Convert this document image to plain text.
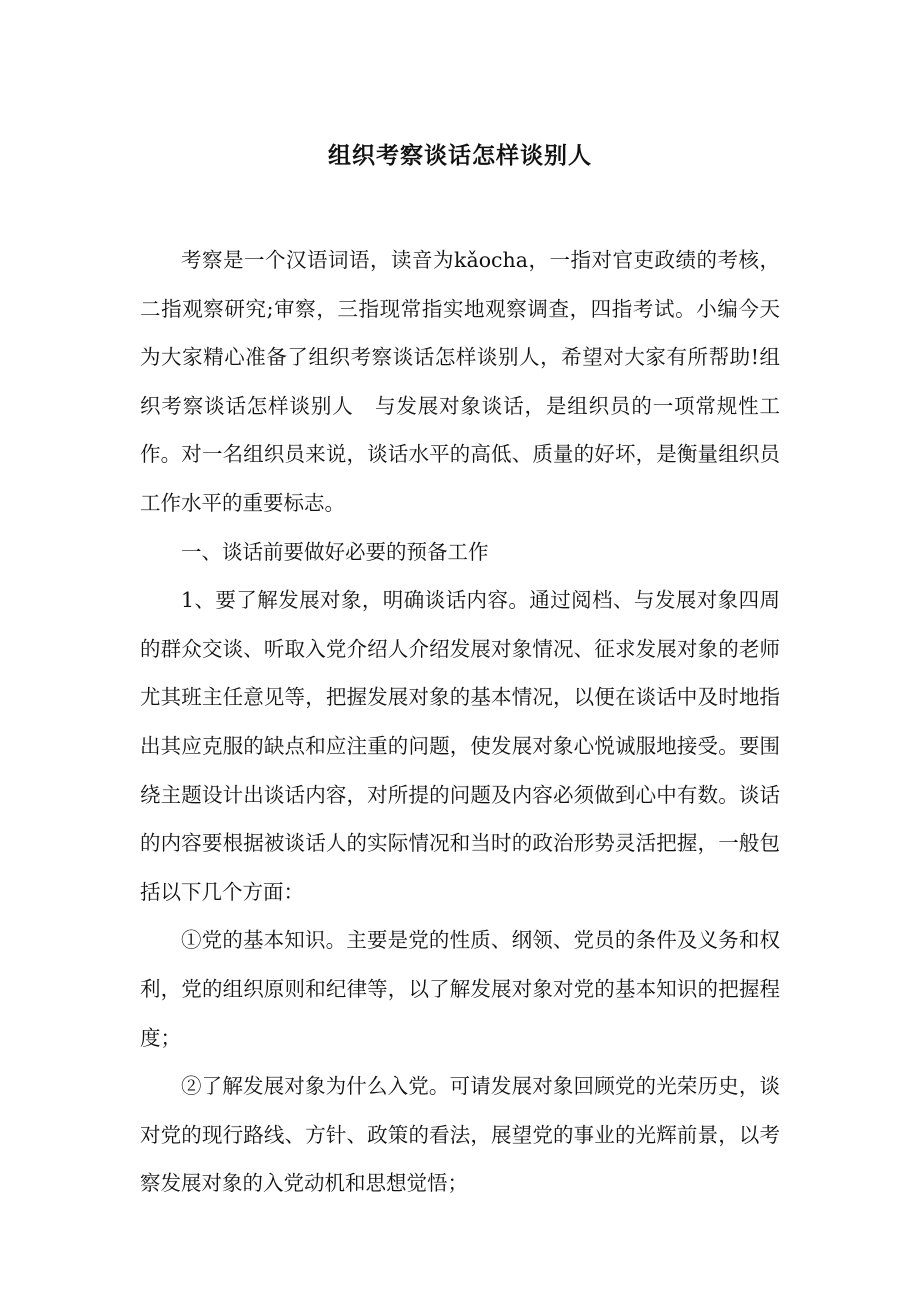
组织考察谈话怎样谈别人

考察是一个汉语词语，读音为kǎocha，一指对官吏政绩的考核，二指观察研究;审察，三指现常指实地观察调查，四指考试。小编今天为大家精心准备了组织考察谈话怎样谈别人，希望对大家有所帮助!组织考察谈话怎样谈别人　与发展对象谈话，是组织员的一项常规性工作。对一名组织员来说，谈话水平的高低、质量的好坏，是衡量组织员工作水平的重要标志。

一、谈话前要做好必要的预备工作

1、要了解发展对象，明确谈话内容。通过阅档、与发展对象四周的群众交谈、听取入党介绍人介绍发展对象情况、征求发展对象的老师尤其班主任意见等，把握发展对象的基本情况，以便在谈话中及时地指出其应克服的缺点和应注重的问题，使发展对象心悦诚服地接受。要围绕主题设计出谈话内容，对所提的问题及内容必须做到心中有数。谈话的内容要根据被谈话人的实际情况和当时的政治形势灵活把握，一般包括以下几个方面：

①党的基本知识。主要是党的性质、纲领、党员的条件及义务和权利，党的组织原则和纪律等，以了解发展对象对党的基本知识的把握程度；

②了解发展对象为什么入党。可请发展对象回顾党的光荣历史，谈对党的现行路线、方针、政策的看法，展望党的事业的光辉前景，以考察发展对象的入党动机和思想觉悟；
